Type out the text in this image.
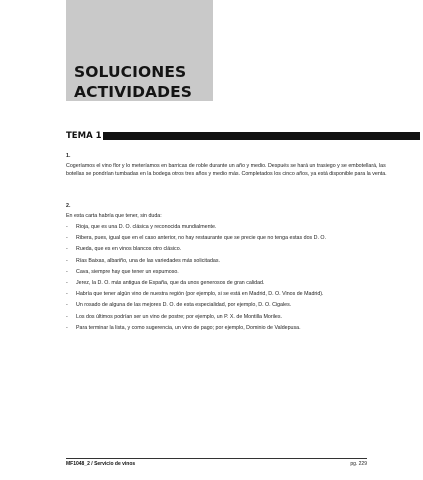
SOLUCIONES
ACTIVIDADES
TEMA 1

1.

Cogeríamos el vino flor y lo meteríamos en barricas de roble durante un año y medio. Después se hará un trasiego y se embotellará, las botellas se pondrían tumbadas en la bodega otros tres años y medio más. Completados los cinco años, ya está disponible para la venta.

2.

En esta carta habría que tener, sin duda:

- Rioja, que es una D. O. clásica y reconocida mundialmente.
- Ribera, pues, igual que en el caso anterior, no hay restaurante que se precie que no tenga estas dos D. O.
- Rueda, que es en vinos blancos otro clásico.
- Rías Baixas, albariño, una de las variedades más solicitadas.
- Cava, siempre hay que tener un espumoso.
- Jerez, la D. O. más antigua de España, que da unos generosos de gran calidad.
- Habría que tener algún vino de nuestra región (por ejemplo, si se está en Madrid, D. O. Vinos de Madrid).
- Un rosado de alguna de las mejores D. O. de esta especialidad, por ejemplo, D. O. Cigales.
- Los dos últimos podrían ser un vino de postre; por ejemplo, un P. X. de Montilla Moriles.
- Para terminar la lista, y como sugerencia, un vino de pago; por ejemplo, Dominio de Valdepusa.
MF1048_2 / Servicio de vinos	pg. 229
